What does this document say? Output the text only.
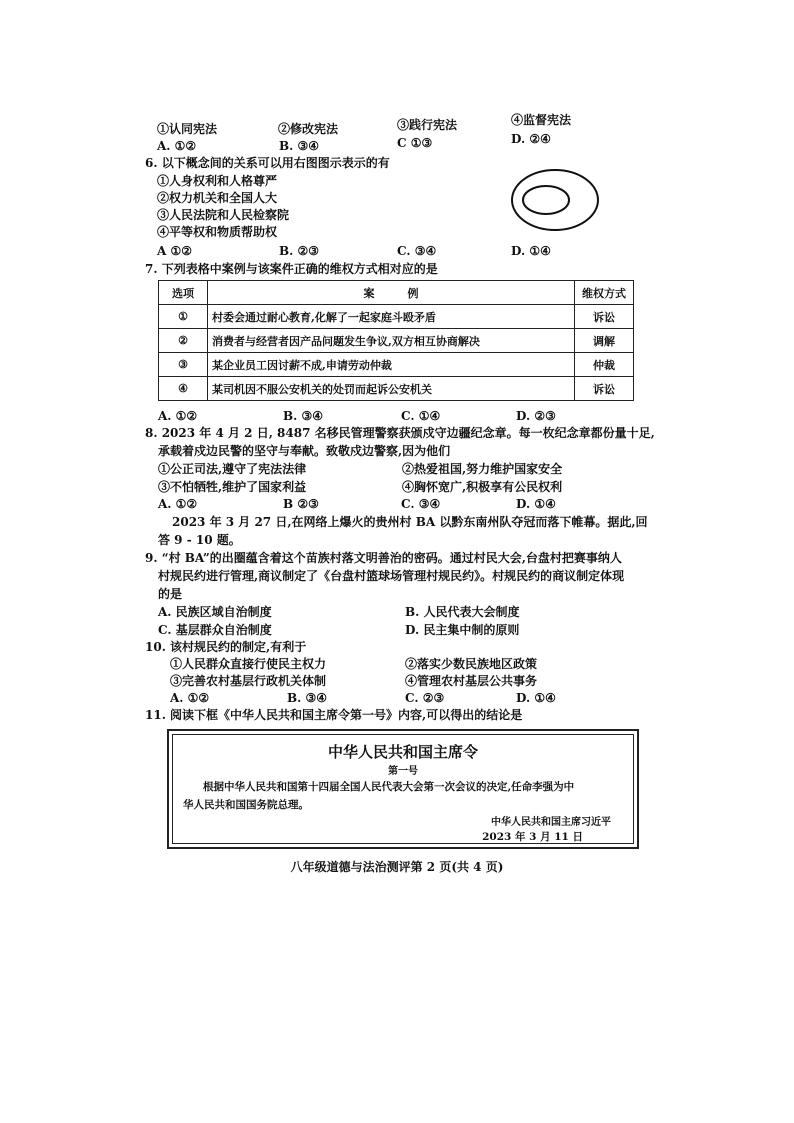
①认同宪法	②修改宪法	③践行宪法	④监督宪法
A. ①②	B. ③④	C ①③	D. ②④
6. 以下概念间的关系可以用右图图示表示的有
①人身权利和人格尊严
②权力机关和全国人大
③人民法院和人民检察院
④平等权和物质帮助权
A ①②	B. ②③	C. ③④	D. ①④
7. 下列表格中案例与该案件正确的维权方式相对应的是
选项	案　　　例	维权方式
①	村委会通过耐心教育,化解了一起家庭斗殴矛盾	诉讼
②	消费者与经营者因产品问题发生争议,双方相互协商解决	调解
③	某企业员工因讨薪不成,申请劳动仲裁	仲裁
④	某司机因不服公安机关的处罚而起诉公安机关	诉讼
A. ①②	B. ③④	C. ①④	D. ②③
8. 2023 年 4 月 2 日, 8487 名移民管理警察获颁戍守边疆纪念章。每一枚纪念章都份量十足,
承载着戍边民警的坚守与奉献。致敬戍边警察,因为他们
①公正司法,遵守了宪法法律	②热爱祖国,努力维护国家安全
③不怕牺牲,维护了国家利益	④胸怀宽广,积极享有公民权利
A. ①②	B ②③	C. ③④	D. ①④
2023 年 3 月 27 日,在网络上爆火的贵州村 BA 以黔东南州队夺冠而落下帷幕。据此,回
答 9 - 10 题。
9. “村 BA”的出圈蕴含着这个苗族村落文明善治的密码。通过村民大会,台盘村把赛事纳人
村规民约进行管理,商议制定了《台盘村篮球场管理村规民约》。村规民约的商议制定体现
的是
A. 民族区域自治制度	B. 人民代表大会制度
C. 基层群众自治制度	D. 民主集中制的原则
10. 该村规民约的制定,有利于
①人民群众直接行使民主权力	②落实少数民族地区政策
③完善农村基层行政机关体制	④管理农村基层公共事务
A. ①②	B. ③④	C. ②③	D. ①④
11. 阅读下框《中华人民共和国主席令第一号》内容,可以得出的结论是
中华人民共和国主席令
第一号
根据中华人民共和国第十四届全国人民代表大会第一次会议的决定,任命李强为中
华人民共和国国务院总理。
中华人民共和国主席习近平
2023 年 3 月 11 日
八年级道德与法治测评第 2 页(共 4 页)
